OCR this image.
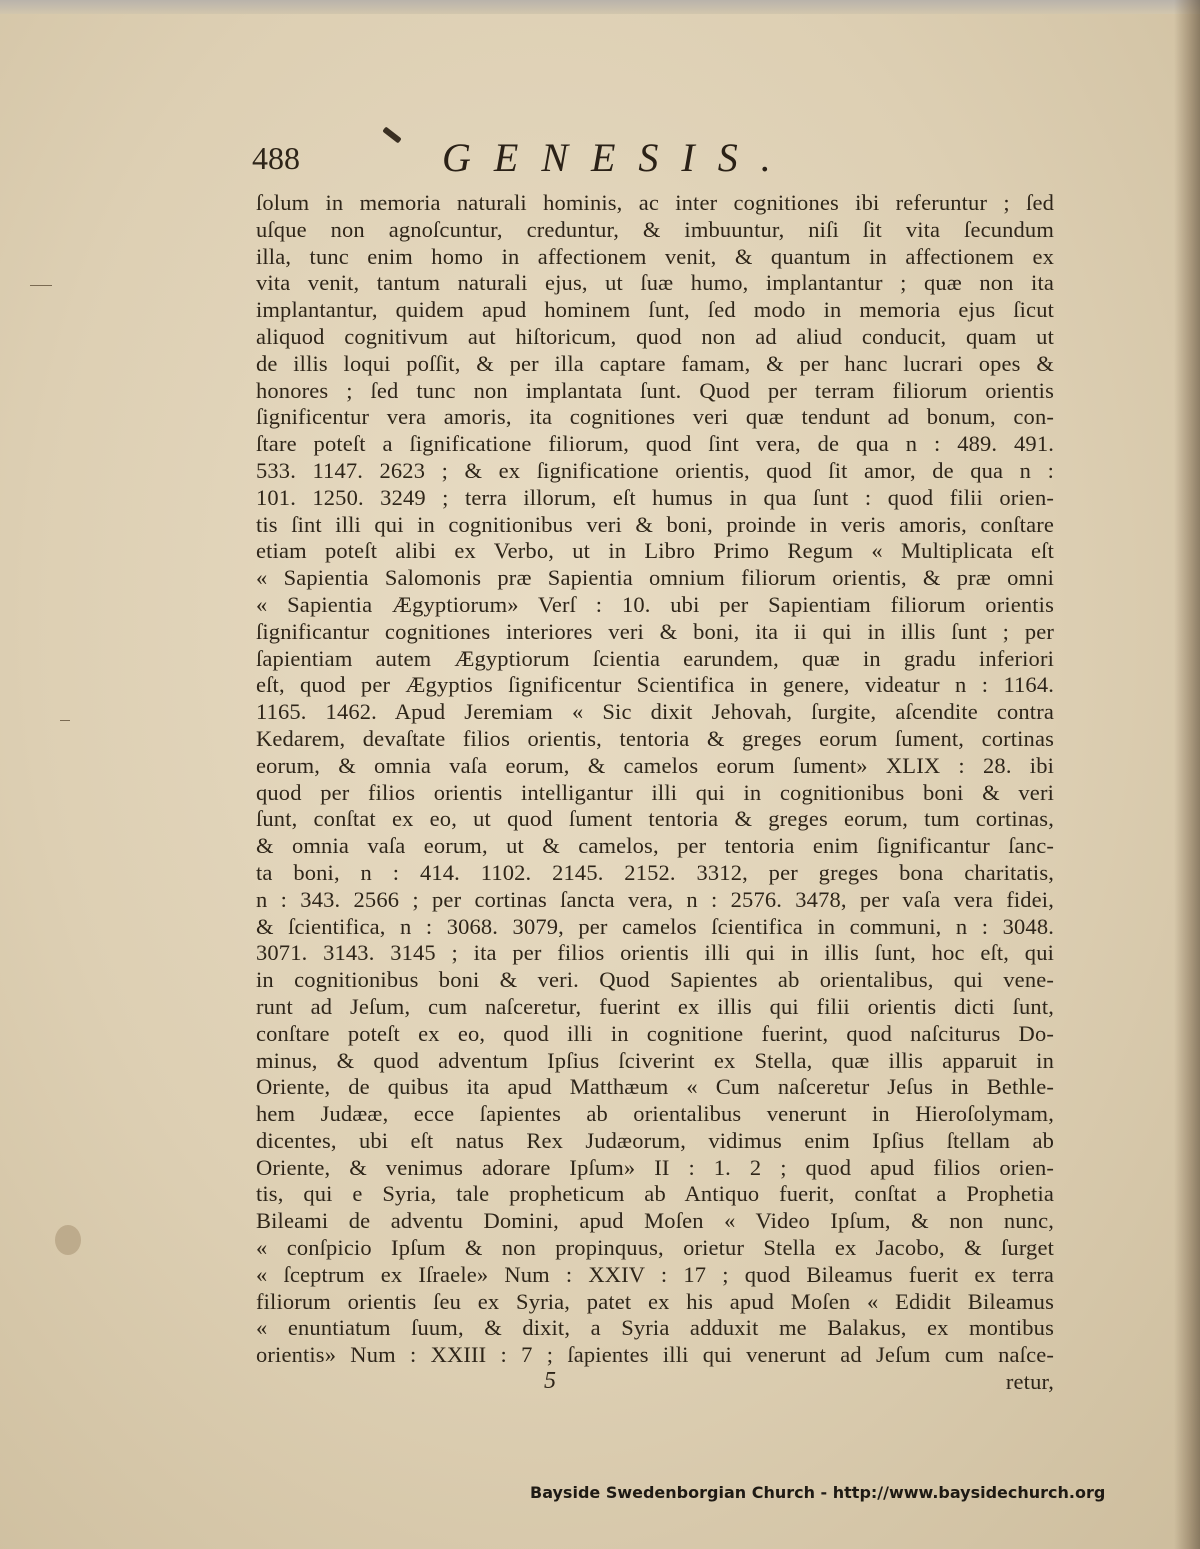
488	GENESIS.
ſolum in memoria naturali hominis, ac inter cognitiones ibi referuntur ; ſed
uſque non agnoſcuntur, creduntur, & imbuuntur, niſi ſit vita ſecundum
illa, tunc enim homo in affectionem venit, & quantum in affectionem ex
vita venit, tantum naturali ejus, ut ſuæ humo, implantantur ; quæ non ita
implantantur, quidem apud hominem ſunt, ſed modo in memoria ejus ſicut
aliquod cognitivum aut hiſtoricum, quod non ad aliud conducit, quam ut
de illis loqui poſſit, & per illa captare famam, & per hanc lucrari opes &
honores ; ſed tunc non implantata ſunt. Quod per terram filiorum orientis
ſignificentur vera amoris, ita cognitiones veri quæ tendunt ad bonum, con-
ſtare poteſt a ſignificatione filiorum, quod ſint vera, de qua n : 489. 491.
533. 1147. 2623 ; & ex ſignificatione orientis, quod ſit amor, de qua n :
101. 1250. 3249 ; terra illorum, eſt humus in qua ſunt : quod filii orien-
tis ſint illi qui in cognitionibus veri & boni, proinde in veris amoris, conſtare
etiam poteſt alibi ex Verbo, ut in Libro Primo Regum « Multiplicata eſt
« Sapientia Salomonis præ Sapientia omnium filiorum orientis, & præ omni
« Sapientia Ægyptiorum» Verſ : 10. ubi per Sapientiam filiorum orientis
ſignificantur cognitiones interiores veri & boni, ita ii qui in illis ſunt ; per
ſapientiam autem Ægyptiorum ſcientia earundem, quæ in gradu inferiori
eſt, quod per Ægyptios ſignificentur Scientifica in genere, videatur n : 1164.
1165. 1462. Apud Jeremiam « Sic dixit Jehovah, ſurgite, aſcendite contra
Kedarem, devaſtate filios orientis, tentoria & greges eorum ſument, cortinas
eorum, & omnia vaſa eorum, & camelos eorum ſument» XLIX : 28. ibi
quod per filios orientis intelligantur illi qui in cognitionibus boni & veri
ſunt, conſtat ex eo, ut quod ſument tentoria & greges eorum, tum cortinas,
& omnia vaſa eorum, ut & camelos, per tentoria enim ſignificantur ſanc-
ta boni, n : 414. 1102. 2145. 2152. 3312, per greges bona charitatis,
n : 343. 2566 ; per cortinas ſancta vera, n : 2576. 3478, per vaſa vera fidei,
& ſcientifica, n : 3068. 3079, per camelos ſcientifica in communi, n : 3048.
3071. 3143. 3145 ; ita per filios orientis illi qui in illis ſunt, hoc eſt, qui
in cognitionibus boni & veri. Quod Sapientes ab orientalibus, qui vene-
runt ad Jeſum, cum naſceretur, fuerint ex illis qui filii orientis dicti ſunt,
conſtare poteſt ex eo, quod illi in cognitione fuerint, quod naſciturus Do-
minus, & quod adventum Ipſius ſciverint ex Stella, quæ illis apparuit in
Oriente, de quibus ita apud Matthæum « Cum naſceretur Jeſus in Bethle-
hem Judææ, ecce ſapientes ab orientalibus venerunt in Hieroſolymam,
dicentes, ubi eſt natus Rex Judæorum, vidimus enim Ipſius ſtellam ab
Oriente, & venimus adorare Ipſum» II : 1. 2 ; quod apud filios orien-
tis, qui e Syria, tale propheticum ab Antiquo fuerit, conſtat a Prophetia
Bileami de adventu Domini, apud Moſen « Video Ipſum, & non nunc,
« conſpicio Ipſum & non propinquus, orietur Stella ex Jacobo, & ſurget
« ſceptrum ex Iſraele» Num : XXIV : 17 ; quod Bileamus fuerit ex terra
filiorum orientis ſeu ex Syria, patet ex his apud Moſen « Edidit Bileamus
« enuntiatum ſuum, & dixit, a Syria adduxit me Balakus, ex montibus
orientis» Num : XXIII : 7 ; ſapientes illi qui venerunt ad Jeſum cum naſce-
retur,
5
Bayside Swedenborgian Church - http://www.baysidechurch.org
